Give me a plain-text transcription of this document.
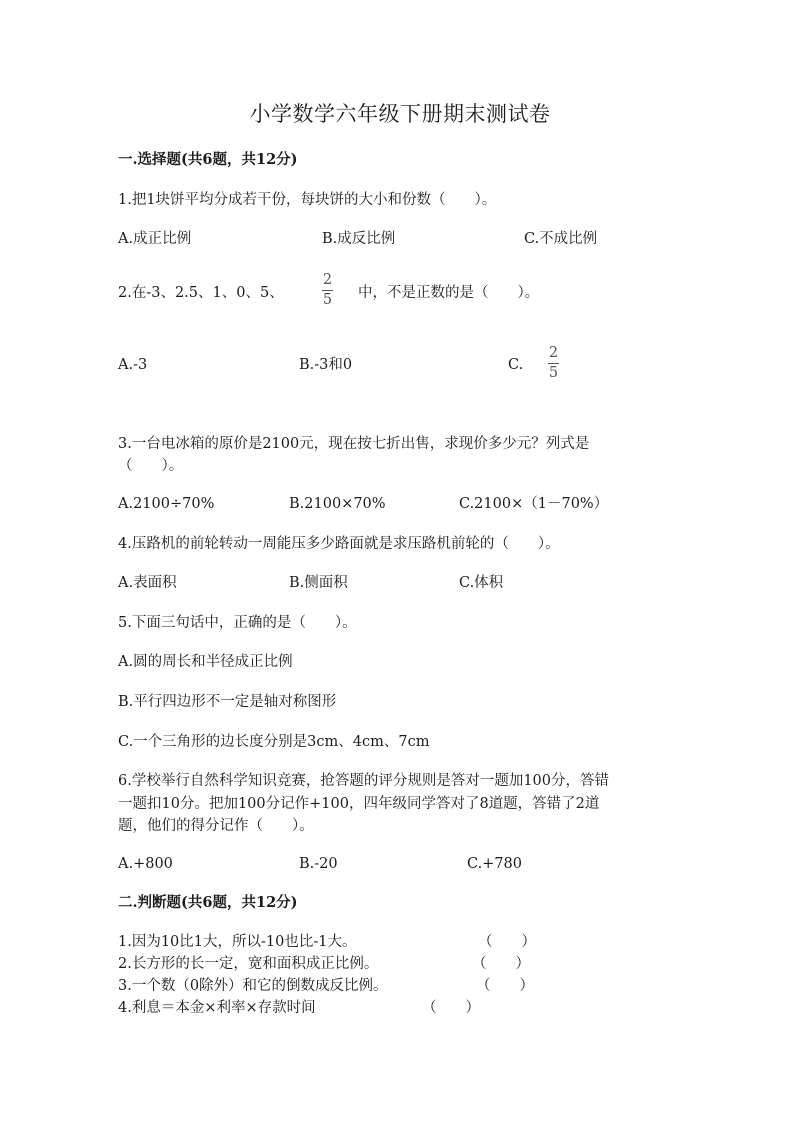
小学数学六年级下册期末测试卷
一.选择题(共6题，共12分)
1.把1块饼平均分成若干份，每块饼的大小和份数（　　）。
A.成正比例	B.成反比例	C.不成比例
2.在-3、2.5、1、0、5、
2
5 中，不是正数的是（　　）。
A.-3	B.-3和0	C.
2
5
3.一台电冰箱的原价是2100元，现在按七折出售，求现价多少元？列式是
（　　）。
A.2100÷70%	B.2100×70%	C.2100×（1－70%）
4.压路机的前轮转动一周能压多少路面就是求压路机前轮的（　　）。
A.表面积	B.侧面积	C.体积
5.下面三句话中，正确的是（　　）。
A.圆的周长和半径成正比例
B.平行四边形不一定是轴对称图形
C.一个三角形的边长度分别是3cm、4cm、7cm
6.学校举行自然科学知识竞赛，抢答题的评分规则是答对一题加100分，答错
一题扣10分。把加100分记作+100，四年级同学答对了8道题，答错了2道
题，他们的得分记作（　　）。
A.+800	B.-20	C.+780
二.判断题(共6题，共12分)
1.因为10比1大，所以-10也比-1大。	（　　）
2.长方形的长一定，宽和面积成正比例。	（　　）
3.一个数（0除外）和它的倒数成反比例。	（　　）
4.利息＝本金×利率×存款时间	（　　）
